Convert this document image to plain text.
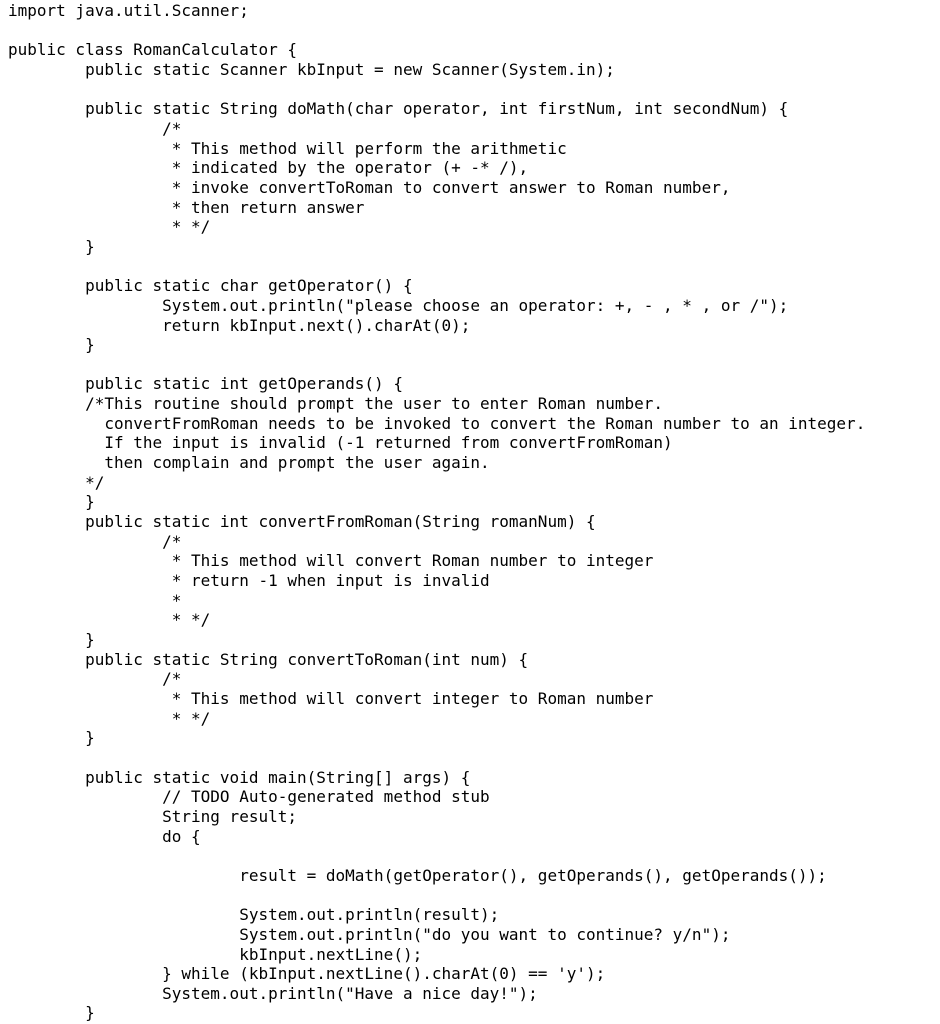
import java.util.Scanner;
public class RomanCalculator {
public static Scanner kbInput = new Scanner(System.in);
public static String doMath(char operator, int firstNum, int secondNum) {
/*
* This method will perform the arithmetic
* indicated by the operator (+ -* /),
* invoke convertToRoman to convert answer to Roman number,
* then return answer
* */
}
public static char getOperator() {
System.out.println("please choose an operator: +, - , * , or /");
return kbInput.next().charAt(0);
}
public static int getOperands() {
/*This routine should prompt the user to enter Roman number.
convertFromRoman needs to be invoked to convert the Roman number to an integer.
If the input is invalid (-1 returned from convertFromRoman)
then complain and prompt the user again.
*/
}
public static int convertFromRoman(String romanNum) {
/*
* This method will convert Roman number to integer
* return -1 when input is invalid
*
* */
}
public static String convertToRoman(int num) {
/*
* This method will convert integer to Roman number
* */
}
public static void main(String[] args) {
// TODO Auto-generated method stub
String result;
do {
result = doMath(getOperator(), getOperands(), getOperands());
System.out.println(result);
System.out.println("do you want to continue? y/n");
kbInput.nextLine();
} while (kbInput.nextLine().charAt(0) == 'y');
System.out.println("Have a nice day!");
}
